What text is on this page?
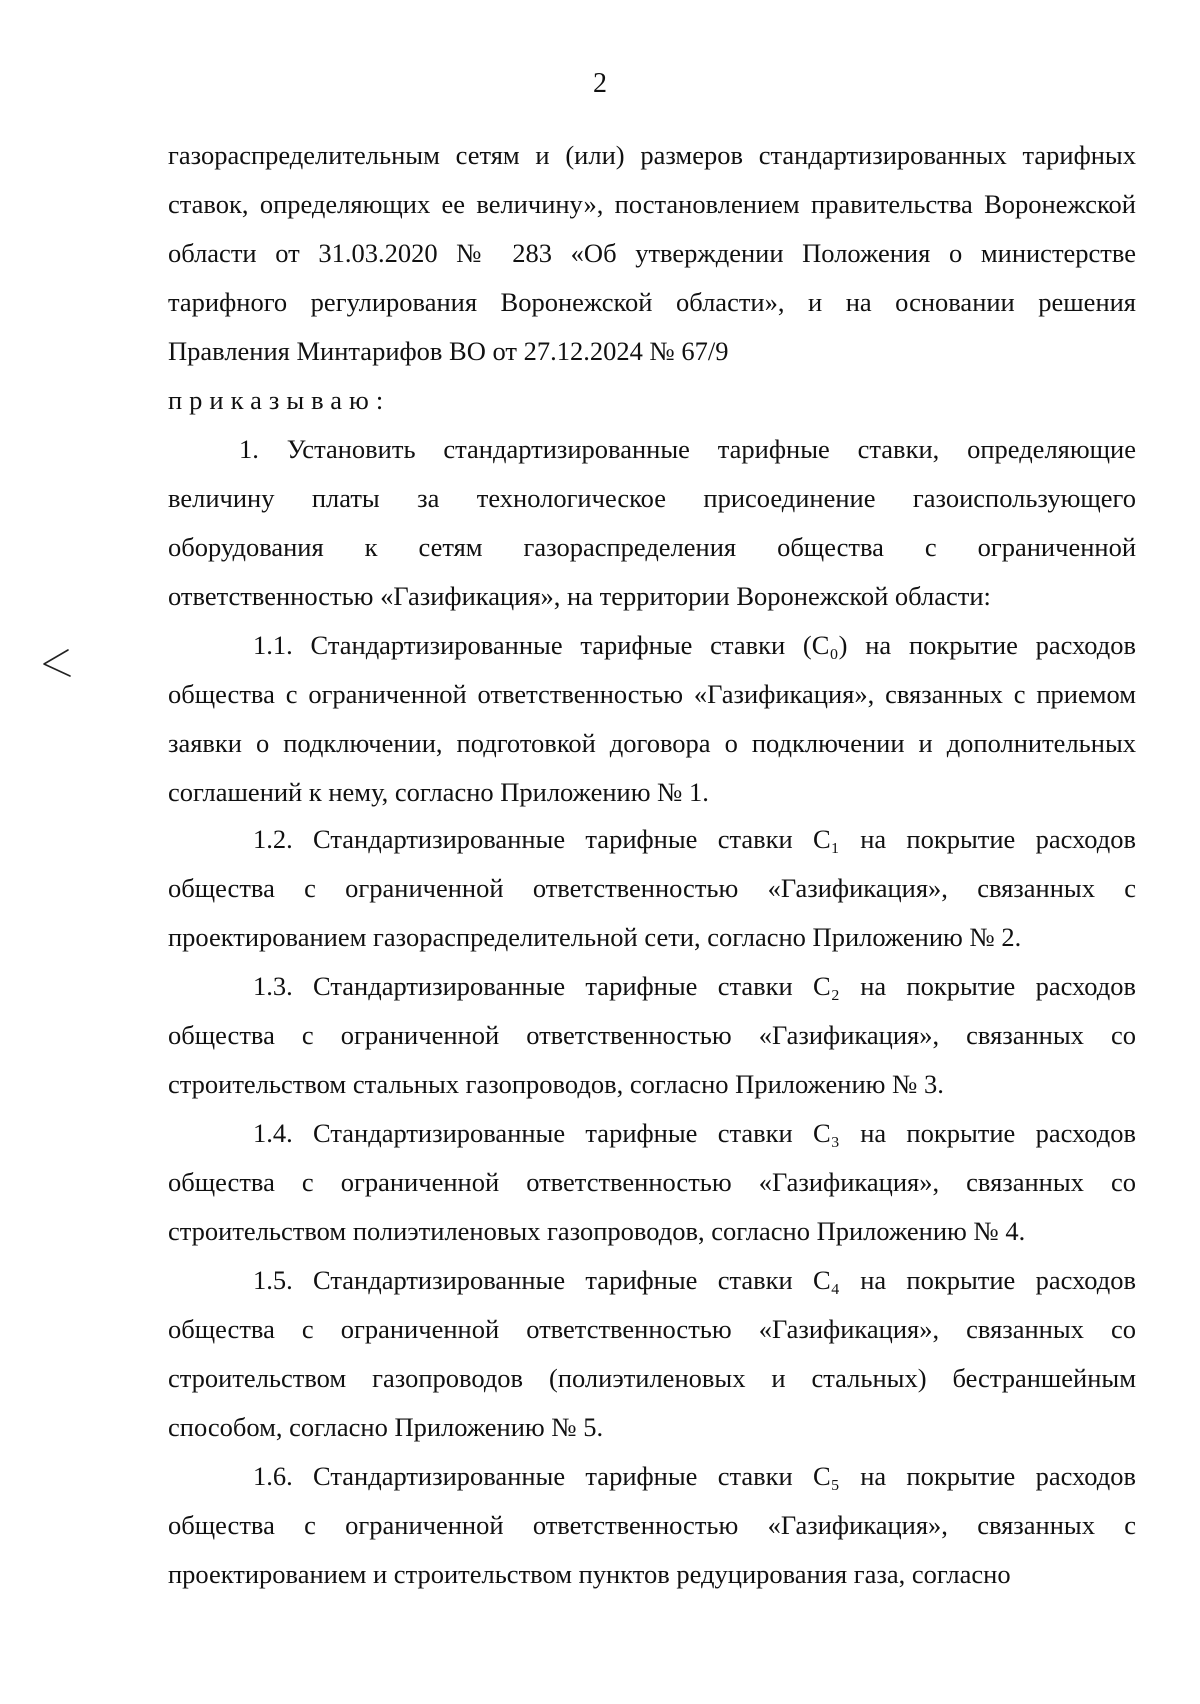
2

газораспределительным сетям и (или) размеров стандартизированных тарифных ставок, определяющих ее величину», постановлением правительства Воронежской области от 31.03.2020 № 283 «Об утверждении Положения о министерстве тарифного регулирования Воронежской области», и на основании решения Правления Минтарифов ВО от 27.12.2024 № 67/9

приказываю:

1. Установить стандартизированные тарифные ставки, определяющие величину платы за технологическое присоединение газоиспользующего оборудования к сетям газораспределения общества с ограниченной ответственностью «Газификация», на территории Воронежской области:

1.1. Стандартизированные тарифные ставки (C₀) на покрытие расходов общества с ограниченной ответственностью «Газификация», связанных с приемом заявки о подключении, подготовкой договора о подключении и дополнительных соглашений к нему, согласно Приложению № 1.

1.2. Стандартизированные тарифные ставки C₁ на покрытие расходов общества с ограниченной ответственностью «Газификация», связанных с проектированием газораспределительной сети, согласно Приложению № 2.

1.3. Стандартизированные тарифные ставки C₂ на покрытие расходов общества с ограниченной ответственностью «Газификация», связанных со строительством стальных газопроводов, согласно Приложению № 3.

1.4. Стандартизированные тарифные ставки C₃ на покрытие расходов общества с ограниченной ответственностью «Газификация», связанных со строительством полиэтиленовых газопроводов, согласно Приложению № 4.

1.5. Стандартизированные тарифные ставки C₄ на покрытие расходов общества с ограниченной ответственностью «Газификация», связанных со строительством газопроводов (полиэтиленовых и стальных) бестраншейным способом, согласно Приложению № 5.

1.6. Стандартизированные тарифные ставки C₅ на покрытие расходов общества с ограниченной ответственностью «Газификация», связанных с проектированием и строительством пунктов редуцирования газа, согласно
